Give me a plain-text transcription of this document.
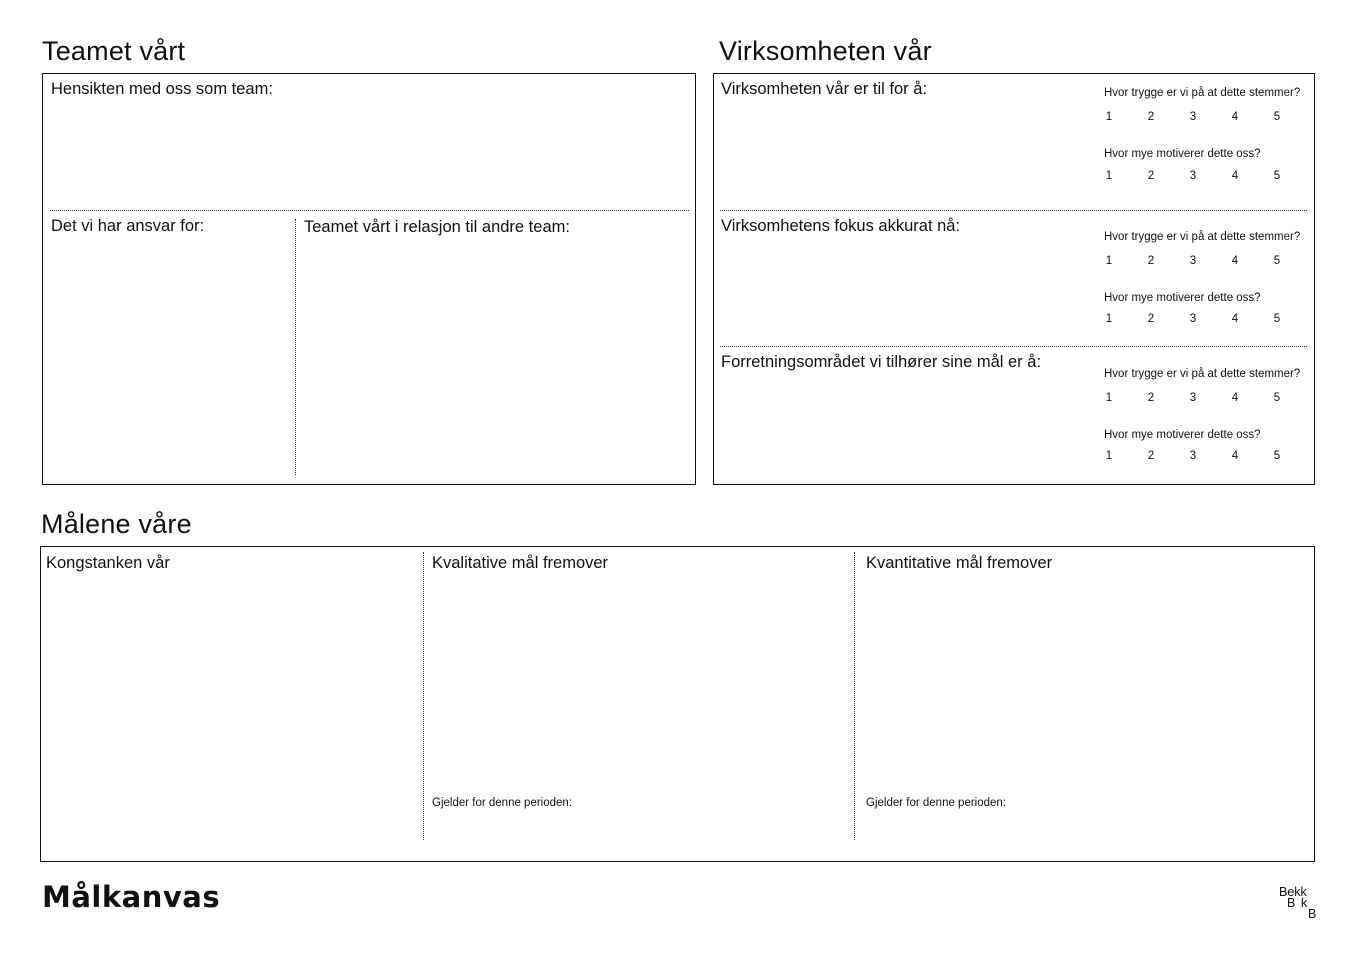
Teamet vårt
Hensikten med oss som team:
Det vi har ansvar for:	Teamet vårt i relasjon til andre team:
Virksomheten vår
Virksomheten vår er til for å:	Hvor trygge er vi på at dette stemmer?
1	2	3	4	5
Hvor mye motiverer dette oss?
1	2	3	4	5
Virksomhetens fokus akkurat nå:
Hvor trygge er vi på at dette stemmer?
1	2	3	4	5
Hvor mye motiverer dette oss?
1	2	3	4	5
Forretningsområdet vi tilhører sine mål er å:
Hvor trygge er vi på at dette stemmer?
1	2	3	4	5
Hvor mye motiverer dette oss?
1	2	3	4	5
Målene våre
Kongstanken vår	Kvalitative mål fremover
Gjelder for denne perioden:
Kvantitative mål fremover
Gjelder for denne perioden:
Målkanvas	Bekk
B k
B
